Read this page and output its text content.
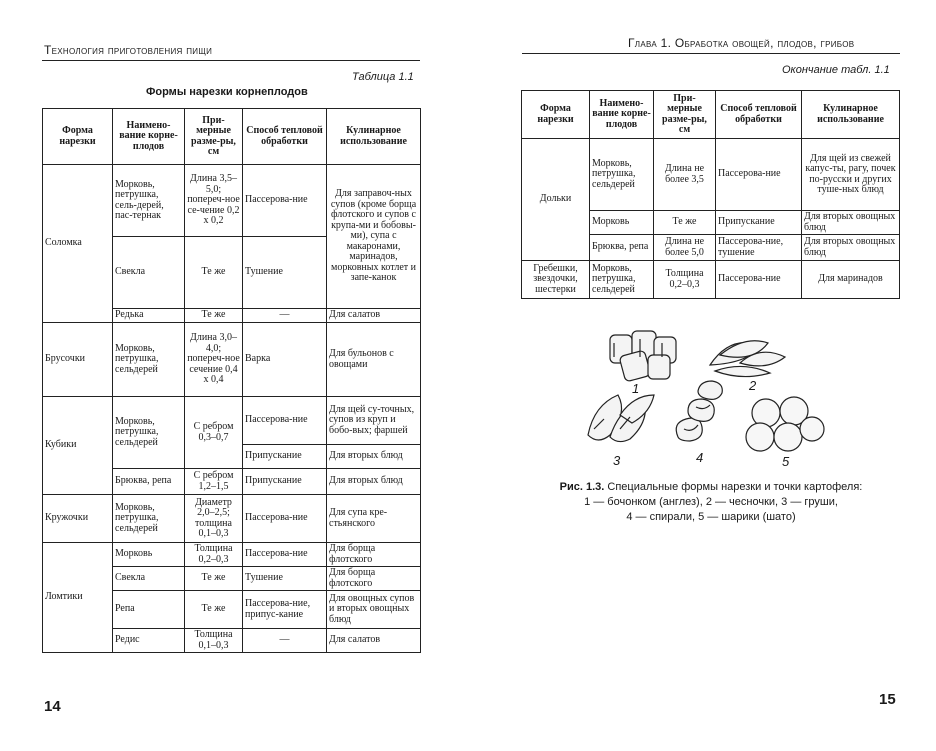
Технология приготовления пищи
Таблица 1.1
Формы нарезки корнеплодов
Форма нарезки	Наимено-вание корне-плодов	При-мерные разме-ры, см	Способ тепловой обработки	Кулинарное использование
Соломка	Морковь, петрушка, сель-дерей, пас-тернак	Длина 3,5–5,0; попереч-ное се-чение 0,2 х 0,2	Пассерова-ние	Для заправоч-ных супов (кроме борща флотского и супов с крупа-ми и бобовы-ми), супа с макаронами, маринадов, морковных котлет и запе-канок
	Свекла	Те же	Тушение	
	Редька	Те же	—	Для салатов
Брусочки	Морковь, петрушка, сельдерей	Длина 3,0–4,0; попереч-ное сечение 0,4 х 0,4	Варка	Для бульонов с овощами
Кубики	Морковь, петрушка, сельдерей	С ребром 0,3–0,7	Пассерова-ние	Для щей су-точных, супов из круп и бобо-вых; фаршей
			Припускание	Для вторых блюд
	Брюква, репа	С ребром 1,2–1,5	Припускание	Для вторых блюд
Кружочки	Морковь, петрушка, сельдерей	Диаметр 2,0–2,5; толщина 0,1–0,3	Пассерова-ние	Для супа кре-стьянского
Ломтики	Морковь	Толщина 0,2–0,3	Пассерова-ние	Для борща флотского
	Свекла	Те же	Тушение	Для борща флотского
	Репа	Те же	Пассерова-ние, припус-кание	Для овощных супов и вторых овощных блюд
	Редис	Толщина 0,1–0,3	—	Для салатов
14
Глава 1. Обработка овощей, плодов, грибов
Окончание табл. 1.1
Форма нарезки	Наимено-вание корне-плодов	При-мерные разме-ры, см	Способ тепловой обработки	Кулинарное использование
Дольки	Морковь, петрушка, сельдерей	Длина не более 3,5	Пассерова-ние	Для щей из свежей капус-ты, рагу, почек по-русски и других туше-ных блюд
	Морковь	Те же	Припускание	Для вторых овощных блюд
	Брюква, репа	Длина не более 5,0	Пассерова-ние, тушение	Для вторых овощных блюд
Гребешки, звездочки, шестерки	Морковь, петрушка, сельдерей	Толщина 0,2–0,3	Пассерова-ние	Для маринадов
1	2
3	4	5
Рис. 1.3. Специальные формы нарезки и точки картофеля:
1 — бочонком (англез), 2 — чесночки, 3 — груши,
4 — спирали, 5 — шарики (шато)
15
